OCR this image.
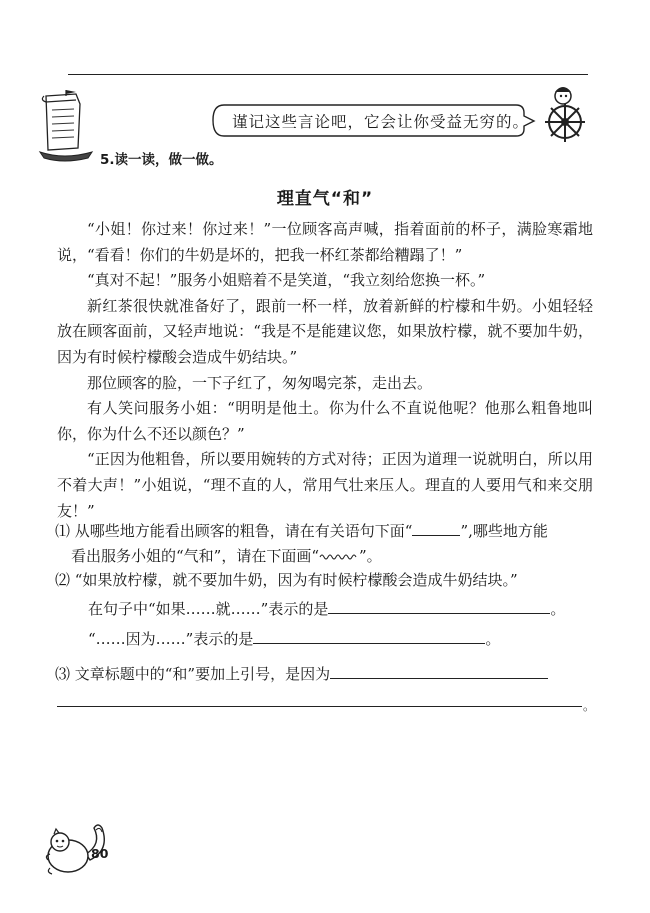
谨记这些言论吧，它会让你受益无穷的。
5.读一读，做一做。
理直气“和”

“小姐！你过来！你过来！”一位顾客高声喊，指着面前的杯子，满脸寒霜地说，“看看！你们的牛奶是坏的，把我一杯红茶都给糟蹋了！”

“真对不起！”服务小姐赔着不是笑道，“我立刻给您换一杯。”

新红茶很快就准备好了，跟前一杯一样，放着新鲜的柠檬和牛奶。小姐轻轻放在顾客面前，又轻声地说：“我是不是能建议您，如果放柠檬，就不要加牛奶，因为有时候柠檬酸会造成牛奶结块。”

那位顾客的脸，一下子红了，匆匆喝完茶，走出去。

有人笑问服务小姐：“明明是他土。你为什么不直说他呢？他那么粗鲁地叫你，你为什么不还以颜色？”

“正因为他粗鲁，所以要用婉转的方式对待；正因为道理一说就明白，所以用不着大声！”小姐说，“理不直的人，常用气壮来压人。理直的人要用气和来交朋友！”

⑴ 从哪些地方能看出顾客的粗鲁，请在有关语句下面“	”,哪些地方能
看出服务小姐的“气和”，请在下面画“	”。
⑵ “如果放柠檬，就不要加牛奶，因为有时候柠檬酸会造成牛奶结块。”
在句子中“如果……就……”表示的是	。
“……因为……”表示的是	。
⑶ 文章标题中的“和”要加上引号，是因为
。
80
